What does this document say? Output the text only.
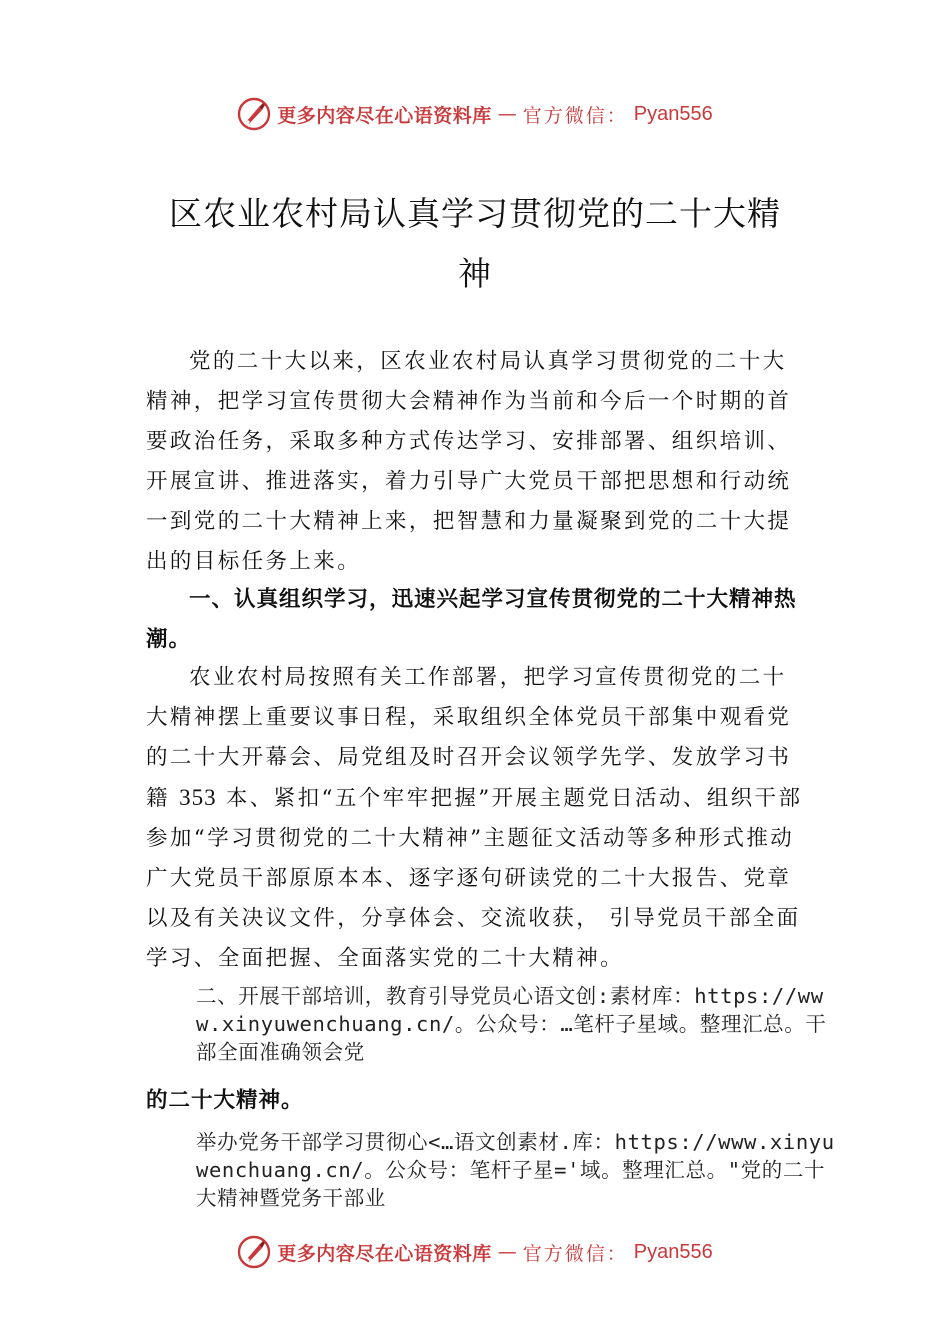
更多内容尽在心语资料库 — 官方微信： Pyan556
区农业农村局认真学习贯彻党的二十大精
神

党的二十大以来，区农业农村局认真学习贯彻党的二十大精神，把学习宣传贯彻大会精神作为当前和今后一个时期的首要政治任务，采取多种方式传达学习、安排部署、组织培训、开展宣讲、推进落实，着力引导广大党员干部把思想和行动统一到党的二十大精神上来，把智慧和力量凝聚到党的二十大提出的目标任务上来。

一、认真组织学习，迅速兴起学习宣传贯彻党的二十大精神热潮。

农业农村局按照有关工作部署，把学习宣传贯彻党的二十大精神摆上重要议事日程，采取组织全体党员干部集中观看党的二十大开幕会、局党组及时召开会议领学先学、发放学习书籍 353 本、紧扣“五个牢牢把握”开展主题党日活动、组织干部参加“学习贯彻党的二十大精神”主题征文活动等多种形式推动广大党员干部原原本本、逐字逐句研读党的二十大报告、党章以及有关决议文件，分享体会、交流收获， 引导党员干部全面学习、全面把握、全面落实党的二十大精神。

二、开展干部培训，教育引导党员心语文创:素材库：https://www.xinyuwenchuang.cn/。公众号：…笔杆子星域。整理汇总。干部全面准确领会党

的二十大精神。

举办党务干部学习贯彻心<…语文创素材.库：https://www.xinyuwenchuang.cn/。公众号：笔杆子星='域。整理汇总。"党的二十大精神暨党务干部业

更多内容尽在心语资料库 — 官方微信： Pyan556
